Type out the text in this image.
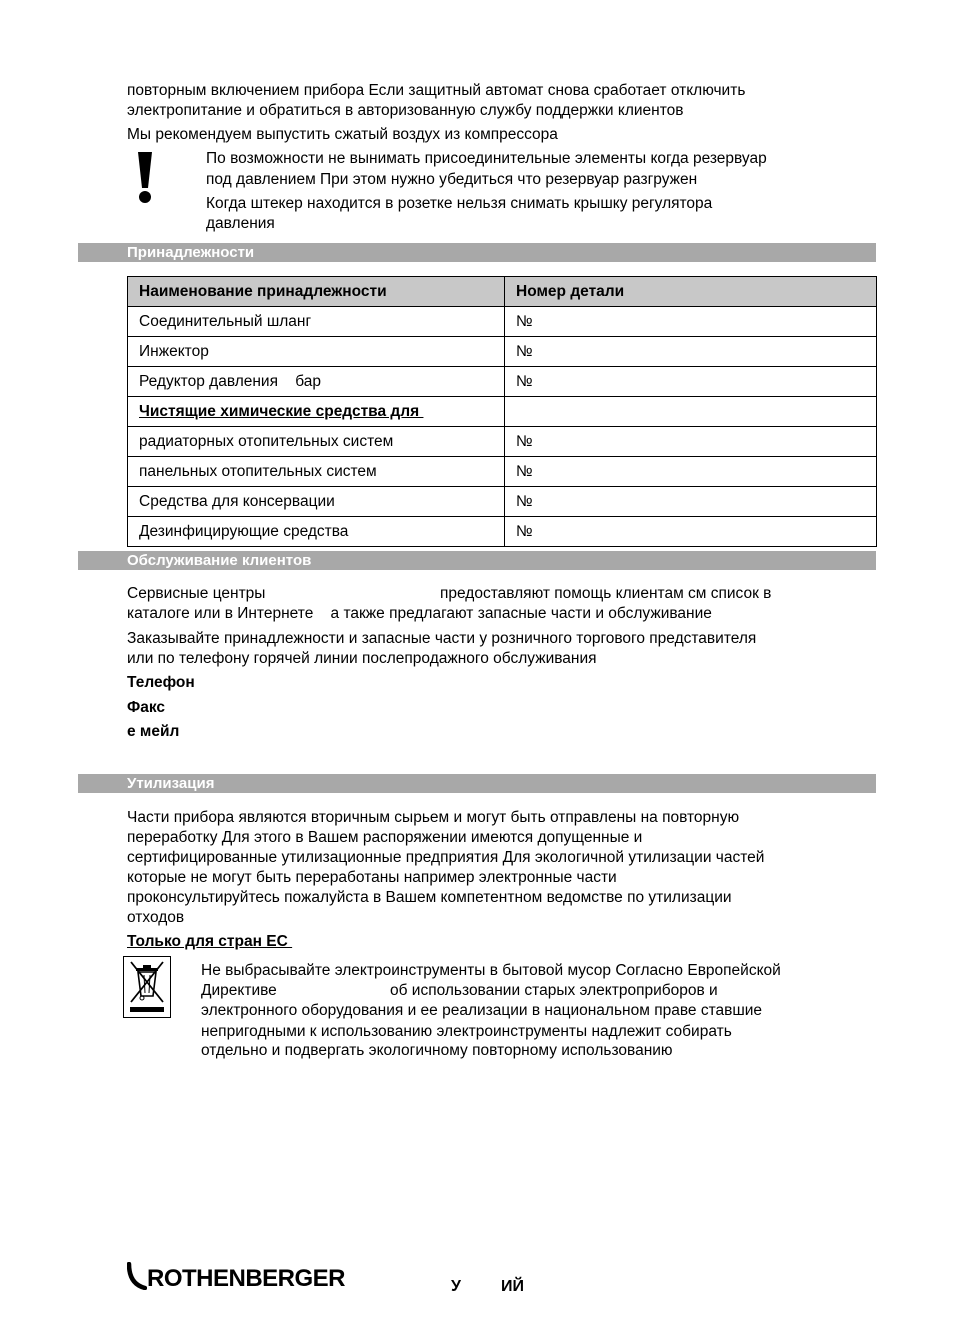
повторным включением прибора Если защитный автомат снова сработает отключить
электропитание и обратиться в авторизованную службу поддержки клиентов
Мы рекомендуем выпустить сжатый воздух из компрессора
По возможности не вынимать присоединительные элементы когда резервуар
под давлением При этом нужно убедиться что резервуар разгружен
Когда штекер находится в розетке нельзя снимать крышку регулятора
давления
Принадлежности
Наименование принадлежности	Номер детали
Соединительный шланг	№
Инжектор	№
Редуктор давления    бар	№
Чистящие химические средства для	
радиаторных отопительных систем	№
панельных отопительных систем	№
Средства для консервации	№
Дезинфицирующие средства	№
Обслуживание клиентов
Сервисные центры	предоставляют помощь клиентам см список в
каталоге или в Интернете    а также предлагают запасные части и обслуживание
Заказывайте принадлежности и запасные части у розничного торгового представителя
или по телефону горячей линии послепродажного обслуживания
Телефон
Факс
е мейл
Утилизация
Части прибора являются вторичным сырьем и могут быть отправлены на повторную
переработку Для этого в Вашем распоряжении имеются допущенные и
сертифицированные утилизационные предприятия Для экологичной утилизации частей
которые не могут быть переработаны например электронные части
проконсультируйтесь пожалуйста в Вашем компетентном ведомстве по утилизации
отходов
Только для стран ЕС
Не выбрасывайте электроинструменты в бытовой мусор Согласно Европейской
Директиве	об использовании старых электроприборов и
электронного оборудования и ее реализации в национальном праве ставшие
непригодными к использованию электроинструменты надлежит собирать
отдельно и подвергать экологичному повторному использованию
ROTHENBERGER	У	ИЙ
